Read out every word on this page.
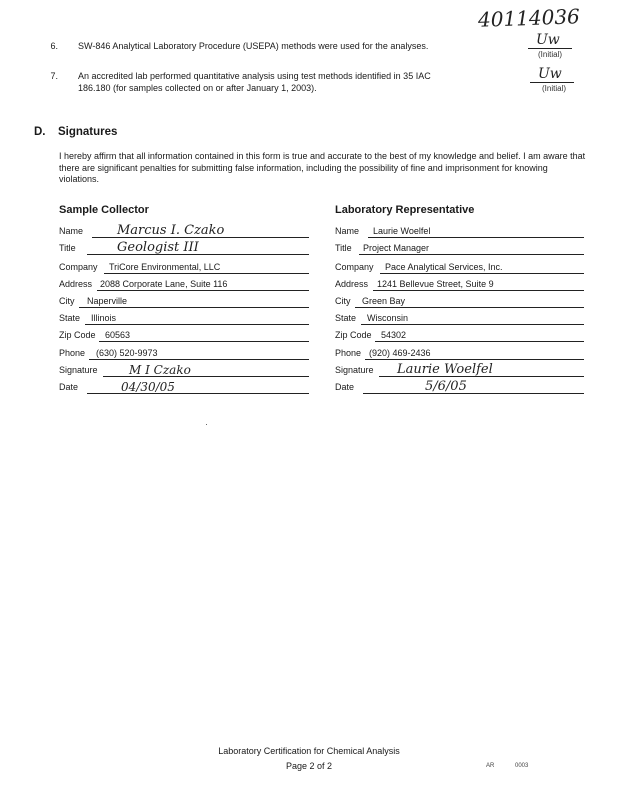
40114036
6. SW-846 Analytical Laboratory Procedure (USEPA) methods were used for the analyses.	Uw
(Initial)
7. An accredited lab performed quantitative analysis using test methods identified in 35 IAC
186.180 (for samples collected on or after January 1, 2003).
Uw
(Initial)
D. Signatures
I hereby affirm that all information contained in this form is true and accurate to the best of my knowledge and belief. I am aware that there are significant penalties for submitting false information, including the possibility of fine and imprisonment for knowing violations.
Sample Collector	Laboratory Representative
Name	Marcus I. Czako
Title	Geologist III
Company TriCore Environmental, LLC
Address 2088 Corporate Lane, Suite 116
City Naperville
State Illinois
Zip Code 60563
Phone (630) 520-9973
Signature	M I Czako
Date	04/30/05
Name Laurie Woelfel
Title Project Manager
Company Pace Analytical Services, Inc.
Address 1241 Bellevue Street, Suite 9
City Green Bay
State Wisconsin
Zip Code 54302
Phone (920) 469-2436
Signature Laurie Woelfel
Date	5/6/05
Laboratory Certification for Chemical Analysis
Page 2 of 2	AR	0003
